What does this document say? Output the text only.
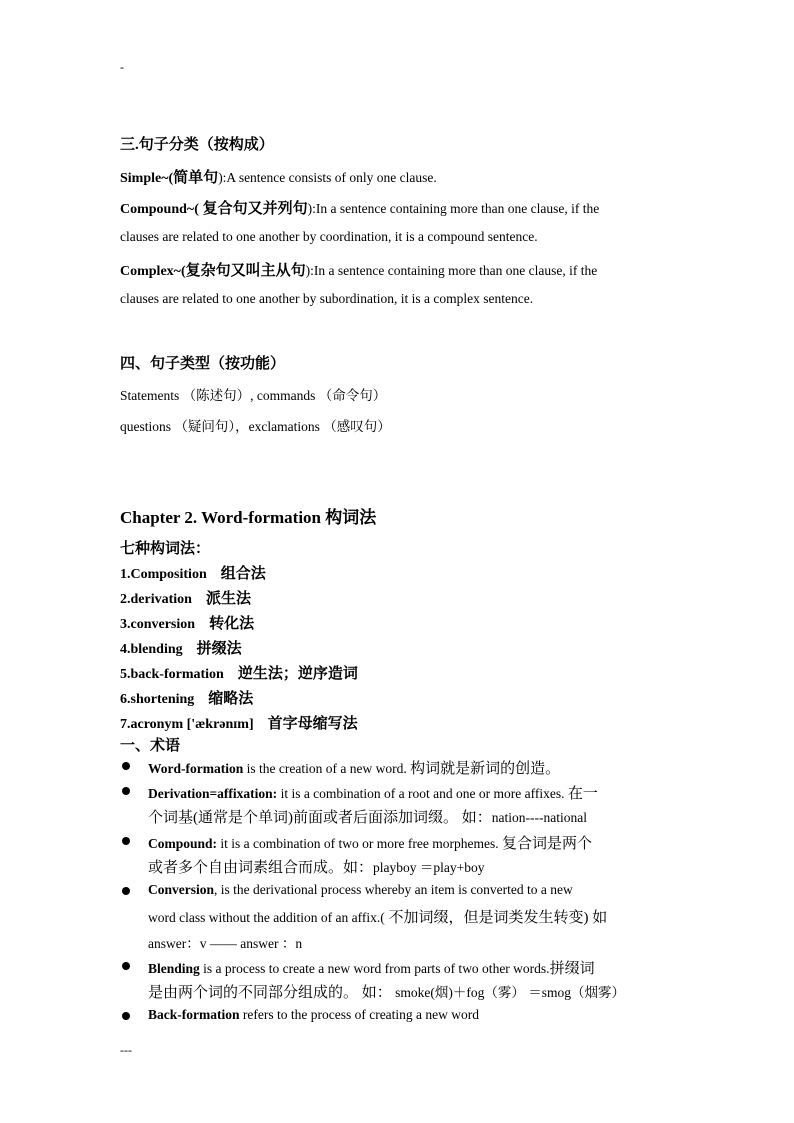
-
三.句子分类（按构成）
Simple~(简单句):A sentence consists of only one clause.
Compound~( 复合句又并列句):In a sentence containing more than one clause, if the
clauses are related to one another by coordination, it is a compound sentence.
Complex~(复杂句又叫主从句):In a sentence containing more than one clause, if the
clauses are related to one another by subordination, it is a complex sentence.
四、句子类型（按功能）
Statements （陈述句）, commands （命令句）
questions （疑问句），exclamations （感叹句）
Chapter 2. Word-formation 构词法
七种构词法：
1.Composition 组合法
2.derivation 派生法
3.conversion 转化法
4.blending 拼缀法
5.back-formation 逆生法；逆序造词
6.shortening 缩略法
7.acronym ['ækrənɪm] 首字母缩写法
一、术语
Word-formation is the creation of a new word. 构词就是新词的创造。
Derivation=affixation: it is a combination of a root and one or more affixes. 在一
个词基(通常是个单词)前面或者后面添加词缀。 如：nation----national
Compound: it is a combination of two or more free morphemes. 复合词是两个
或者多个自由词素组合而成。如：playboy ＝play+boy
Conversion, is the derivational process whereby an item is converted to a new
word class without the addition of an affix.( 不加词缀，但是词类发生转变) 如
answer：v —— answer ：n
Blending is a process to create a new word from parts of two other words.拼缀词
是由两个词的不同部分组成的。 如： smoke(烟)＋fog（雾） ＝smog（烟雾）
Back-formation refers to the process of creating a new word
---
